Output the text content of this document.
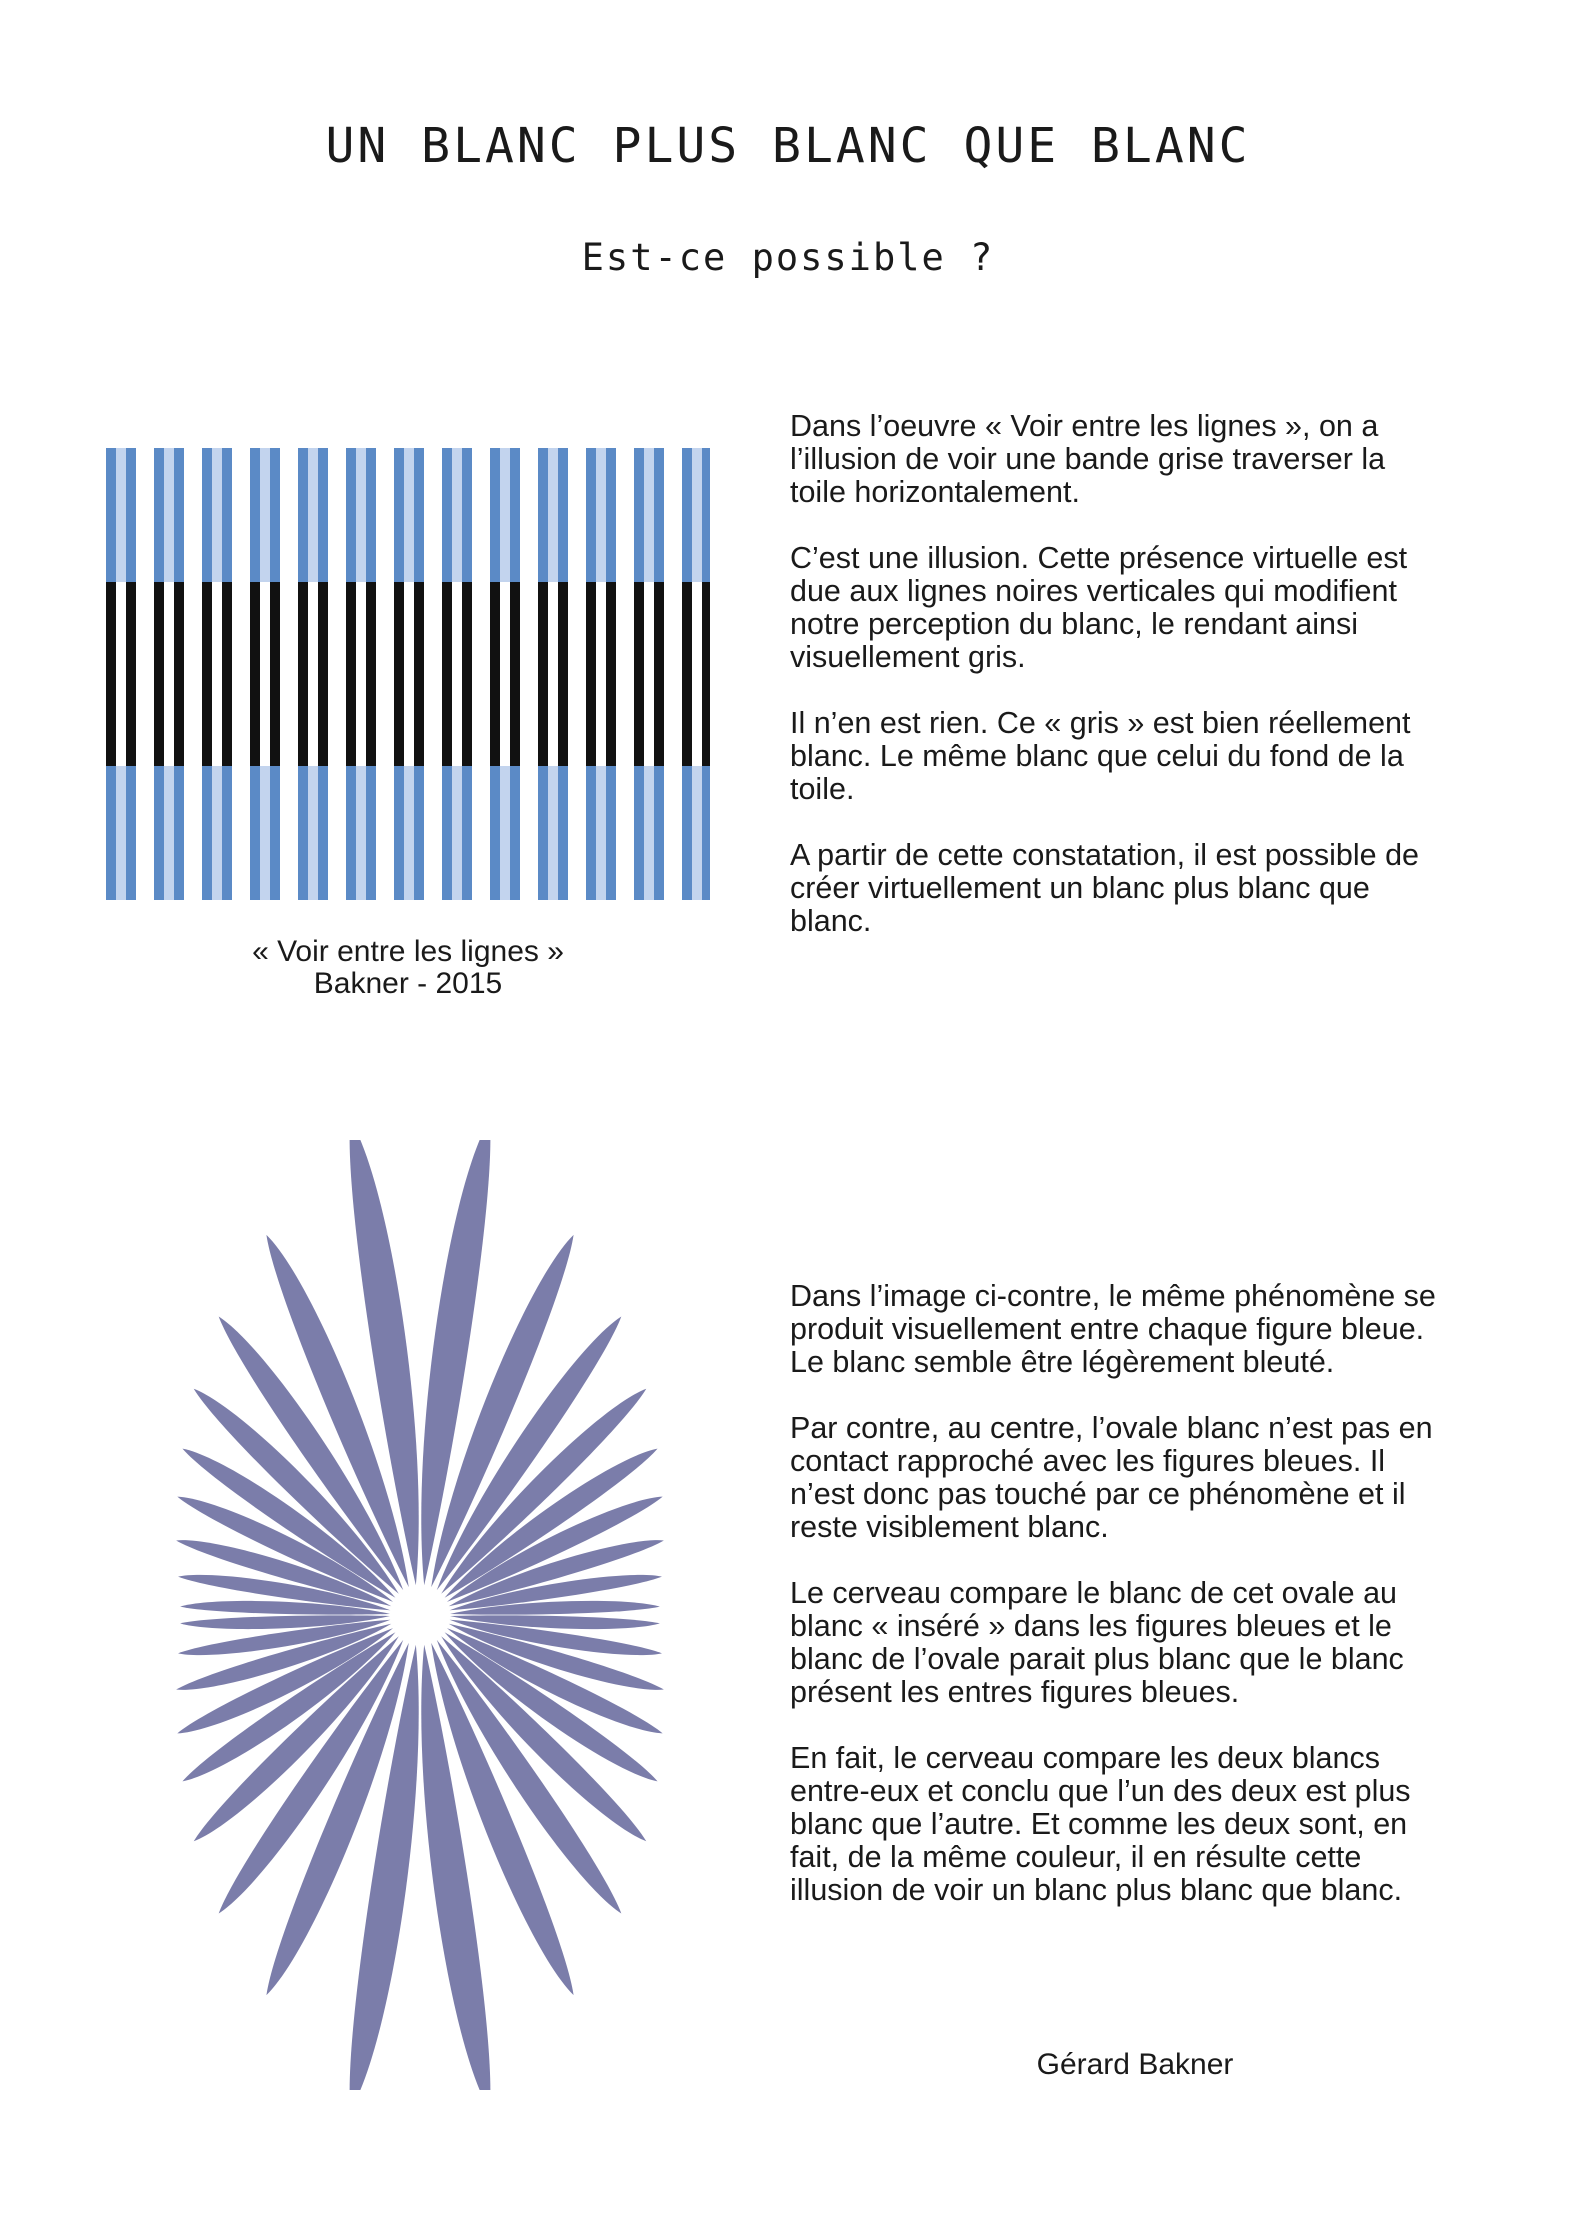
UN BLANC PLUS BLANC QUE BLANC
Est-ce possible ?
« Voir entre les lignes »
Bakner - 2015

Dans l’oeuvre « Voir entre les lignes », on a
l’illusion de voir une bande grise traverser la
toile horizontalement.

C’est une illusion. Cette présence virtuelle est
due aux lignes noires verticales qui modifient
notre perception du blanc, le rendant ainsi
visuellement gris.

Il n’en est rien. Ce « gris » est bien réellement
blanc. Le même blanc que celui du fond de la
toile.

A partir de cette constatation, il est possible de
créer virtuellement un blanc plus blanc que
blanc.

Dans l’image ci-contre, le même phénomène se
produit visuellement entre chaque figure bleue.
Le blanc semble être légèrement bleuté.

Par contre, au centre, l’ovale blanc n’est pas en
contact rapproché avec les figures bleues. Il
n’est donc pas touché par ce phénomène et il
reste visiblement blanc.

Le cerveau compare le blanc de cet ovale au
blanc « inséré » dans les figures bleues et le
blanc de l’ovale parait plus blanc que le blanc
présent les entres figures bleues.

En fait, le cerveau compare les deux blancs
entre-eux et conclu que l’un des deux est plus
blanc que l’autre. Et comme les deux sont, en
fait, de la même couleur, il en résulte cette
illusion de voir un blanc plus blanc que blanc.

Gérard Bakner
